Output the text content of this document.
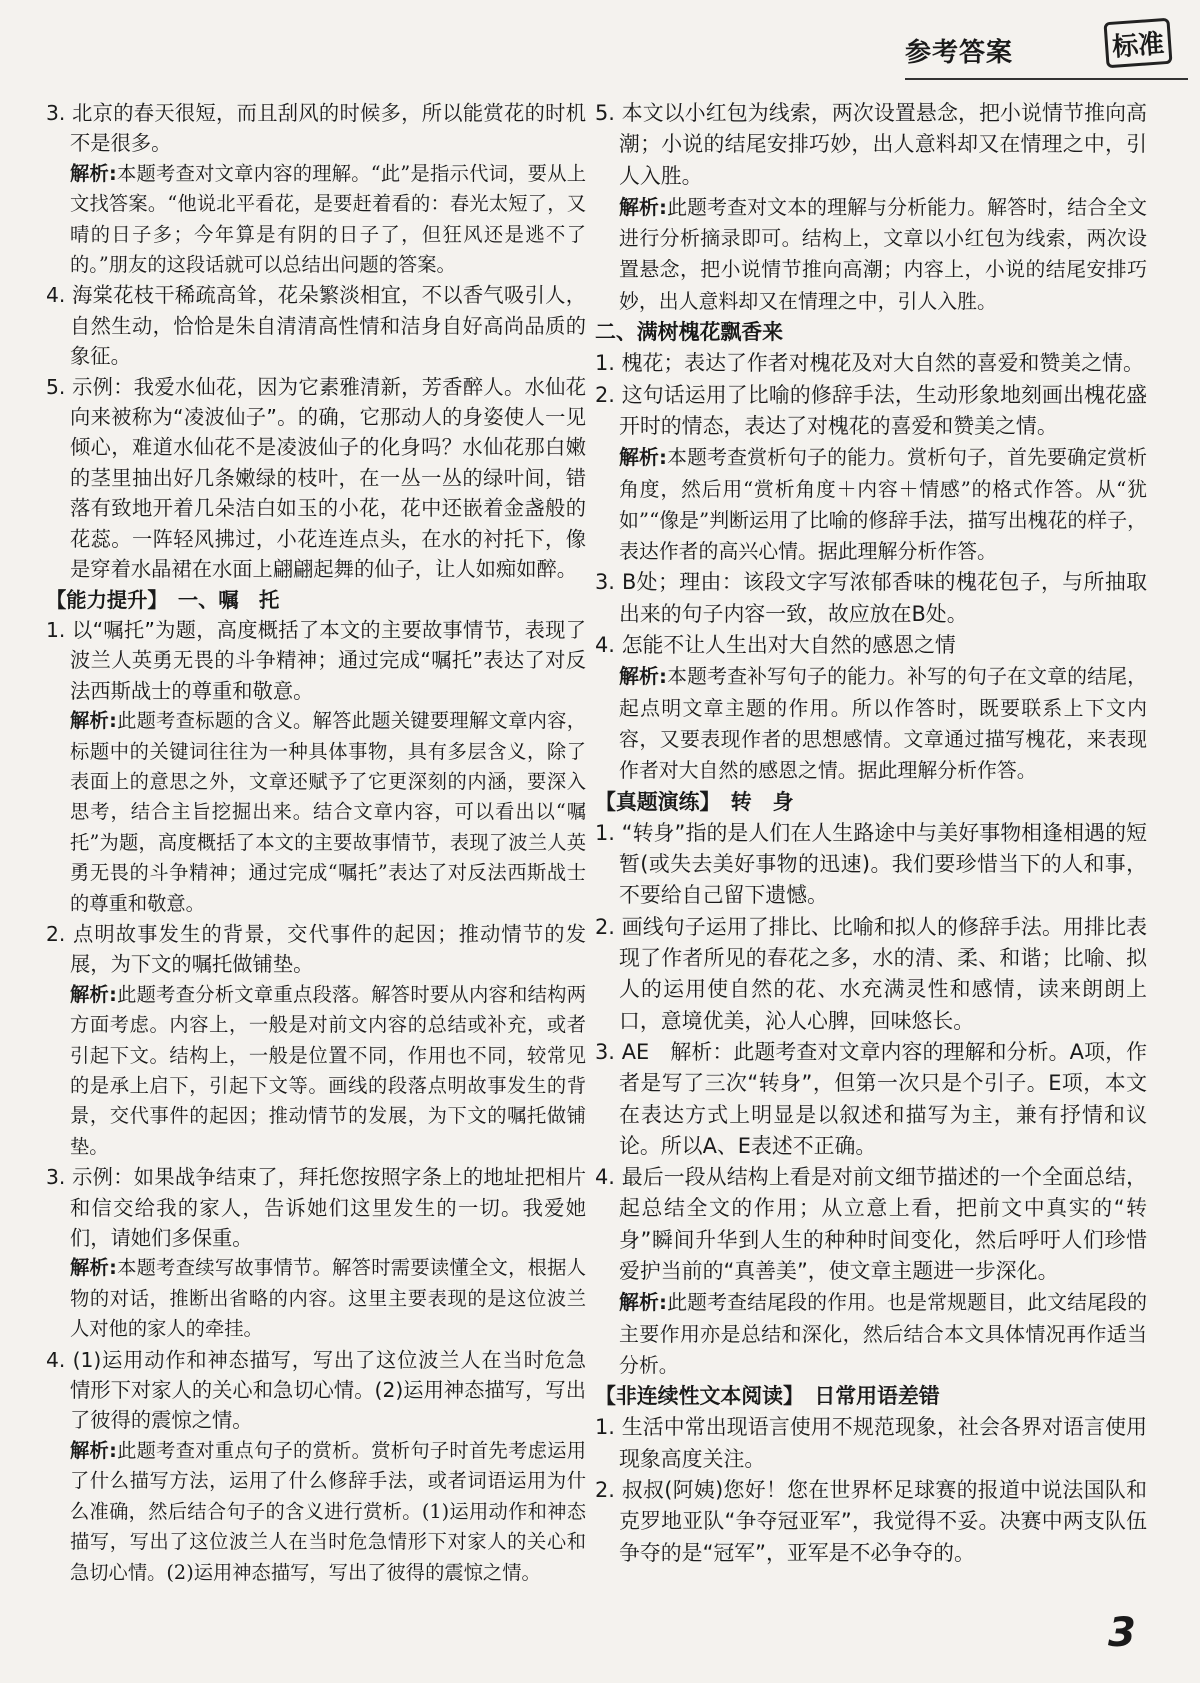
参考答案	标准
3. 北京的春天很短，而且刮风的时候多，所以能赏花的时机不是很多。
解析:本题考查对文章内容的理解。“此”是指示代词，要从上文找答案。“他说北平看花，是要赶着看的：春光太短了，又晴的日子多；今年算是有阴的日子了，但狂风还是逃不了的。”朋友的这段话就可以总结出问题的答案。
4. 海棠花枝干稀疏高耸，花朵繁淡相宜，不以香气吸引人，自然生动，恰恰是朱自清清高性情和洁身自好高尚品质的象征。
5. 示例：我爱水仙花，因为它素雅清新，芳香醉人。水仙花向来被称为“凌波仙子”。的确，它那动人的身姿使人一见倾心，难道水仙花不是凌波仙子的化身吗？水仙花那白嫩的茎里抽出好几条嫩绿的枝叶，在一丛一丛的绿叶间，错落有致地开着几朵洁白如玉的小花，花中还嵌着金盏般的花蕊。一阵轻风拂过，小花连连点头，在水的衬托下，像是穿着水晶裙在水面上翩翩起舞的仙子，让人如痴如醉。
【能力提升】　一、嘱　托
1. 以“嘱托”为题，高度概括了本文的主要故事情节，表现了波兰人英勇无畏的斗争精神；通过完成“嘱托”表达了对反法西斯战士的尊重和敬意。
解析:此题考查标题的含义。解答此题关键要理解文章内容，标题中的关键词往往为一种具体事物，具有多层含义，除了表面上的意思之外，文章还赋予了它更深刻的内涵，要深入思考，结合主旨挖掘出来。结合文章内容，可以看出以“嘱托”为题，高度概括了本文的主要故事情节，表现了波兰人英勇无畏的斗争精神；通过完成“嘱托”表达了对反法西斯战士的尊重和敬意。
2. 点明故事发生的背景，交代事件的起因；推动情节的发展，为下文的嘱托做铺垫。
解析:此题考查分析文章重点段落。解答时要从内容和结构两方面考虑。内容上，一般是对前文内容的总结或补充，或者引起下文。结构上，一般是位置不同，作用也不同，较常见的是承上启下，引起下文等。画线的段落点明故事发生的背景，交代事件的起因；推动情节的发展，为下文的嘱托做铺垫。
3. 示例：如果战争结束了，拜托您按照字条上的地址把相片和信交给我的家人，告诉她们这里发生的一切。我爱她们，请她们多保重。
解析:本题考查续写故事情节。解答时需要读懂全文，根据人物的对话，推断出省略的内容。这里主要表现的是这位波兰人对他的家人的牵挂。
4. (1)运用动作和神态描写，写出了这位波兰人在当时危急情形下对家人的关心和急切心情。(2)运用神态描写，写出了彼得的震惊之情。
解析:此题考查对重点句子的赏析。赏析句子时首先考虑运用了什么描写方法，运用了什么修辞手法，或者词语运用为什么准确，然后结合句子的含义进行赏析。(1)运用动作和神态描写，写出了这位波兰人在当时危急情形下对家人的关心和急切心情。(2)运用神态描写，写出了彼得的震惊之情。
5. 本文以小红包为线索，两次设置悬念，把小说情节推向高潮；小说的结尾安排巧妙，出人意料却又在情理之中，引人入胜。
解析:此题考查对文本的理解与分析能力。解答时，结合全文进行分析摘录即可。结构上，文章以小红包为线索，两次设置悬念，把小说情节推向高潮；内容上，小说的结尾安排巧妙，出人意料却又在情理之中，引人入胜。
二、满树槐花飘香来
1. 槐花；表达了作者对槐花及对大自然的喜爱和赞美之情。
2. 这句话运用了比喻的修辞手法，生动形象地刻画出槐花盛开时的情态，表达了对槐花的喜爱和赞美之情。
解析:本题考查赏析句子的能力。赏析句子，首先要确定赏析角度，然后用“赏析角度＋内容＋情感”的格式作答。从“犹如”“像是”判断运用了比喻的修辞手法，描写出槐花的样子，表达作者的高兴心情。据此理解分析作答。
3. B处；理由：该段文字写浓郁香味的槐花包子，与所抽取出来的句子内容一致，故应放在B处。
4. 怎能不让人生出对大自然的感恩之情
解析:本题考查补写句子的能力。补写的句子在文章的结尾，起点明文章主题的作用。所以作答时，既要联系上下文内容，又要表现作者的思想感情。文章通过描写槐花，来表现作者对大自然的感恩之情。据此理解分析作答。
【真题演练】　转　身
1. “转身”指的是人们在人生路途中与美好事物相逢相遇的短暂(或失去美好事物的迅速)。我们要珍惜当下的人和事，不要给自己留下遗憾。
2. 画线句子运用了排比、比喻和拟人的修辞手法。用排比表现了作者所见的春花之多，水的清、柔、和谐；比喻、拟人的运用使自然的花、水充满灵性和感情，读来朗朗上口，意境优美，沁人心脾，回味悠长。
3. AE　解析：此题考查对文章内容的理解和分析。A项，作者是写了三次“转身”，但第一次只是个引子。E项，本文在表达方式上明显是以叙述和描写为主，兼有抒情和议论。所以A、E表述不正确。
4. 最后一段从结构上看是对前文细节描述的一个全面总结，起总结全文的作用；从立意上看，把前文中真实的“转身”瞬间升华到人生的种种时间变化，然后呼吁人们珍惜爱护当前的“真善美”，使文章主题进一步深化。
解析:此题考查结尾段的作用。也是常规题目，此文结尾段的主要作用亦是总结和深化，然后结合本文具体情况再作适当分析。
【非连续性文本阅读】　日常用语差错
1. 生活中常出现语言使用不规范现象，社会各界对语言使用现象高度关注。
2. 叔叔(阿姨)您好！您在世界杯足球赛的报道中说法国队和克罗地亚队“争夺冠亚军”，我觉得不妥。决赛中两支队伍争夺的是“冠军”，亚军是不必争夺的。
3
